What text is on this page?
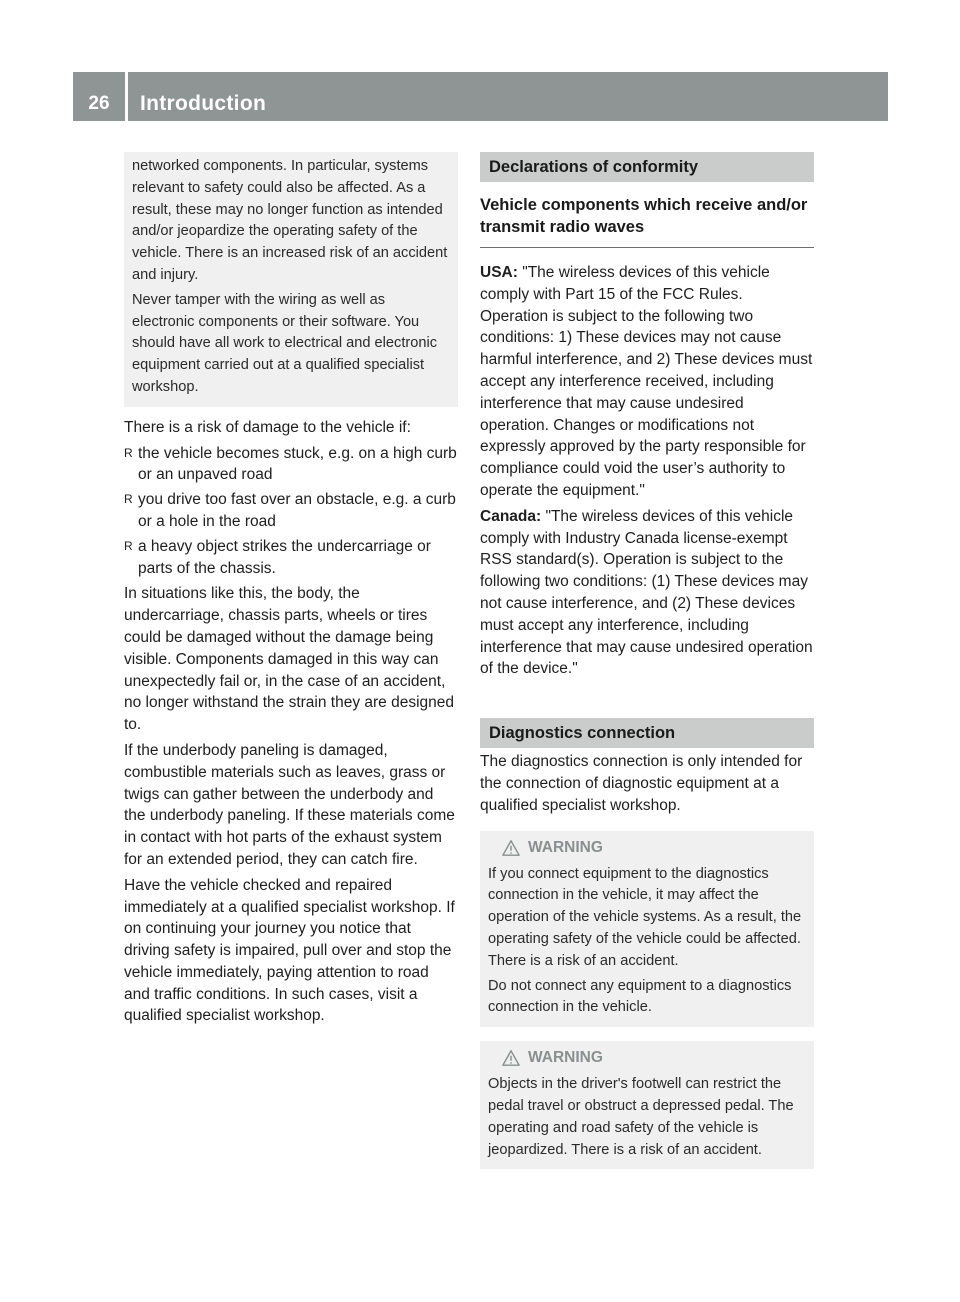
26	Introduction

networked components. In particular, systems relevant to safety could also be affected. As a result, these may no longer function as intended and/or jeopardize the operating safety of the vehicle. There is an increased risk of an accident and injury.

Never tamper with the wiring as well as electronic components or their software. You should have all work to electrical and electronic equipment carried out at a qualified specialist workshop.

There is a risk of damage to the vehicle if:

R the vehicle becomes stuck, e.g. on a high curb or an unpaved road
R you drive too fast over an obstacle, e.g. a curb or a hole in the road
R a heavy object strikes the undercarriage or parts of the chassis.

In situations like this, the body, the undercarriage, chassis parts, wheels or tires could be damaged without the damage being visible. Components damaged in this way can unexpectedly fail or, in the case of an accident, no longer withstand the strain they are designed to.

If the underbody paneling is damaged, combustible materials such as leaves, grass or twigs can gather between the underbody and the underbody paneling. If these materials come in contact with hot parts of the exhaust system for an extended period, they can catch fire.

Have the vehicle checked and repaired immediately at a qualified specialist workshop. If on continuing your journey you notice that driving safety is impaired, pull over and stop the vehicle immediately, paying attention to road and traffic conditions. In such cases, visit a qualified specialist workshop.

Declarations of conformity
Vehicle components which receive and/or transmit radio waves

USA: "The wireless devices of this vehicle comply with Part 15 of the FCC Rules. Operation is subject to the following two conditions: 1) These devices may not cause harmful interference, and 2) These devices must accept any interference received, including interference that may cause undesired operation. Changes or modifications not expressly approved by the party responsible for compliance could void the user’s authority to operate the equipment."

Canada: "The wireless devices of this vehicle comply with Industry Canada license-exempt RSS standard(s). Operation is subject to the following two conditions: (1) These devices may not cause interference, and (2) These devices must accept any interference, including interference that may cause undesired operation of the device."

Diagnostics connection

The diagnostics connection is only intended for the connection of diagnostic equipment at a qualified specialist workshop.

WARNING

If you connect equipment to the diagnostics connection in the vehicle, it may affect the operation of the vehicle systems. As a result, the operating safety of the vehicle could be affected. There is a risk of an accident.

Do not connect any equipment to a diagnostics connection in the vehicle.

WARNING

Objects in the driver's footwell can restrict the pedal travel or obstruct a depressed pedal. The operating and road safety of the vehicle is jeopardized. There is a risk of an accident.
